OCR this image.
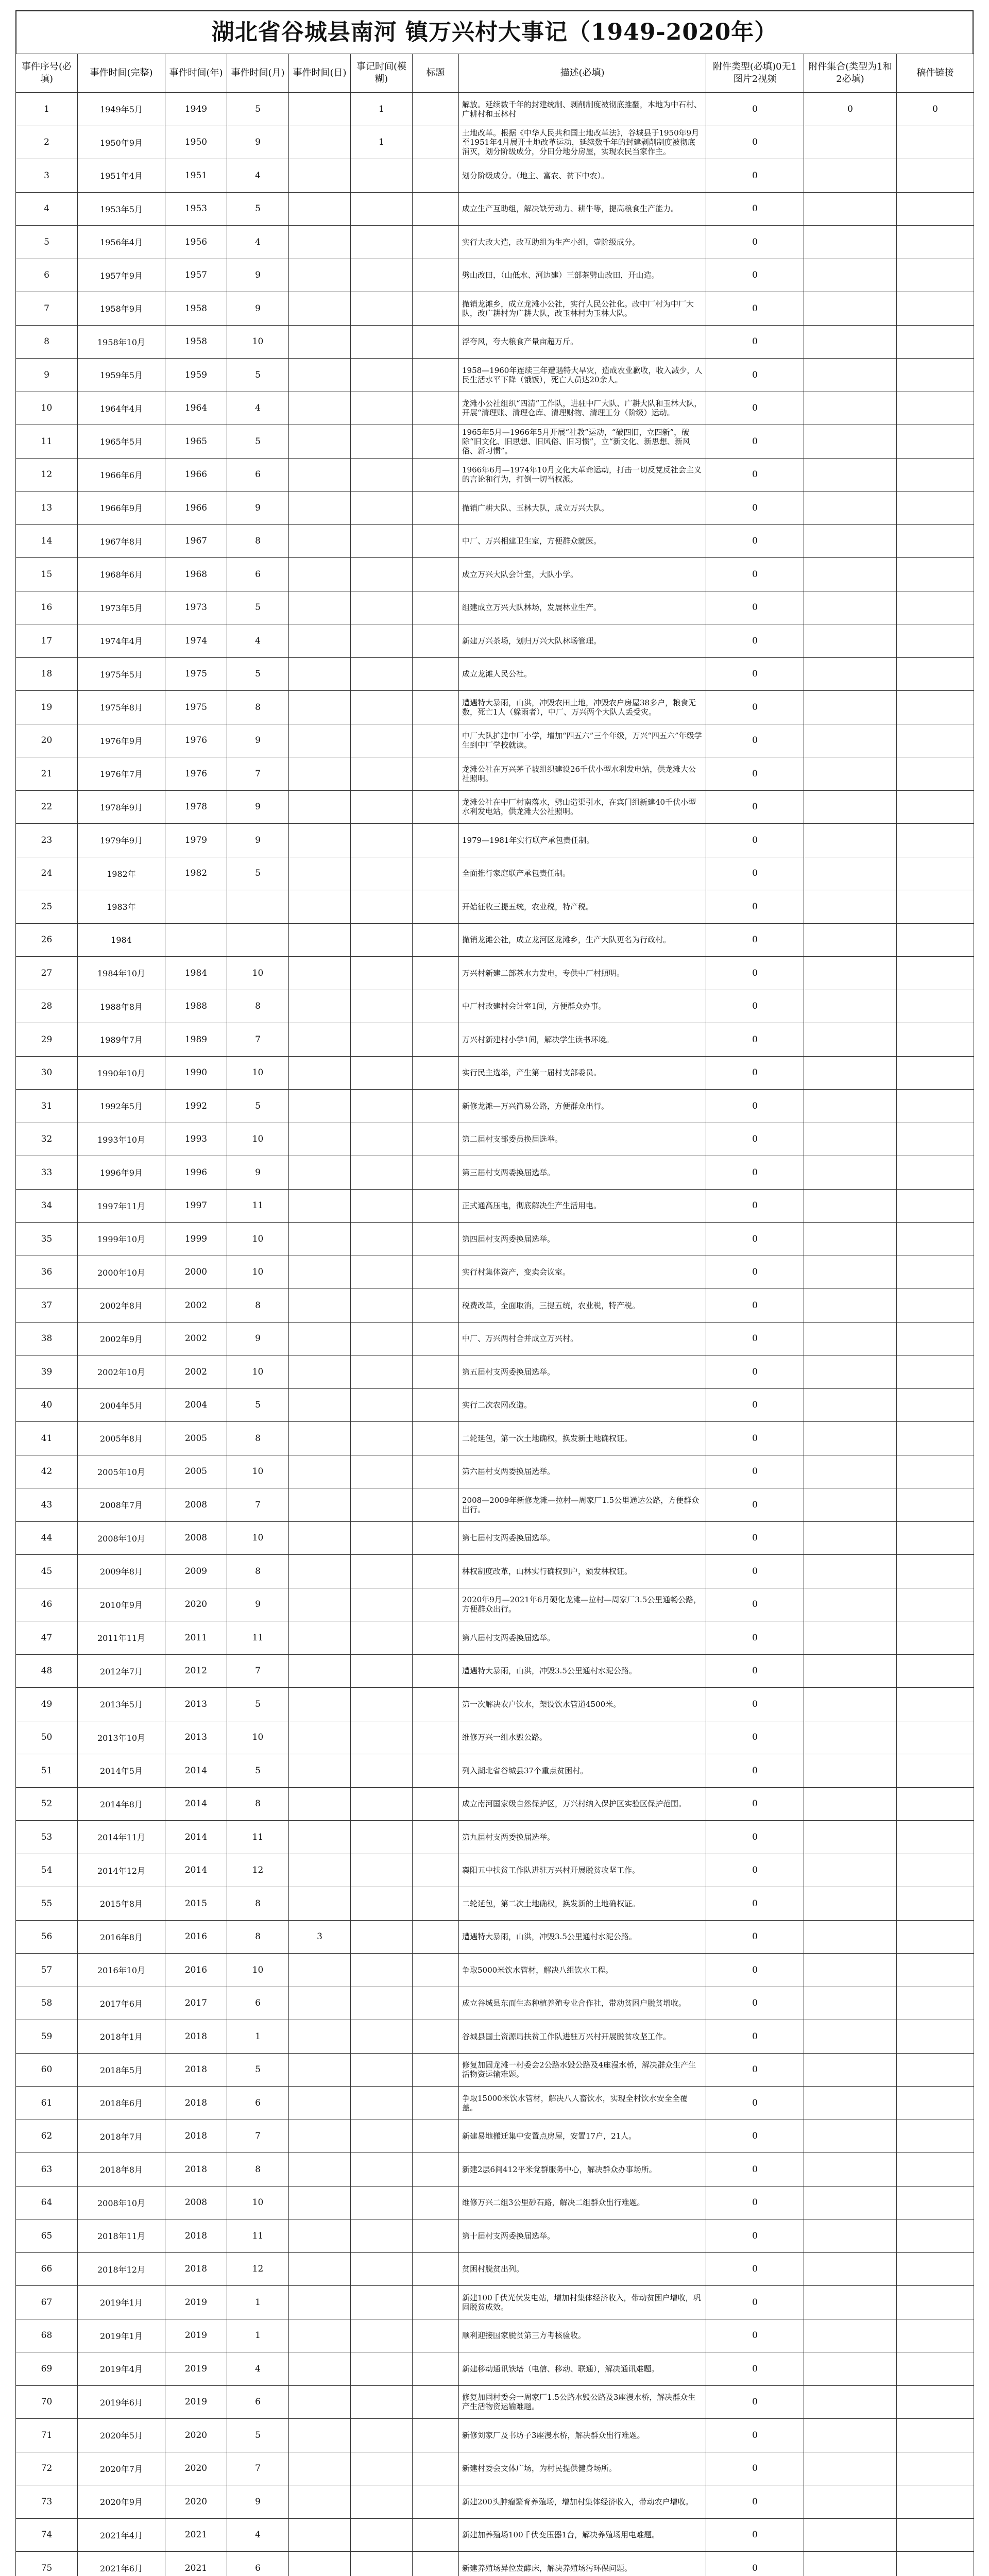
湖北省谷城县南河 镇万兴村大事记（1949-2020年）
事件序号(必填)	事件时间(完整)	事件时间(年)	事件时间(月)	事件时间(日)	事记时间(模糊)	标题	描述(必填)	附件类型(必填)0无1图片2视频	附件集合(类型为1和2必填)	稿件链接
1	1949年5月	1949	5		1		解放。延续数千年的封建统制、剥削制度被彻底推翻，本地为中石村、广耕村和玉林村	0	0	0
2	1950年9月	1950	9		1		土地改革。根据《中华人民共和国土地改革法》，谷城县于1950年9月至1951年4月展开土地改革运动，延续数千年的封建剥削制度被彻底消灭，划分阶级成分，分田分地分房屋，实现农民当家作主。	0		
3	1951年4月	1951	4				划分阶级成分。（地主、富农、贫下中农）。	0		
4	1953年5月	1953	5				成立生产互助组，解决缺劳动力、耕牛等，提高粮食生产能力。	0		
5	1956年4月	1956	4				实行大改大造，改互助组为生产小组，壹阶级成分。	0		
6	1957年9月	1957	9				劈山改田，（山低水、河边建）三部茶劈山改田，开山造。	0		
7	1958年9月	1958	9				撤销龙滩乡，成立龙滩小公社，实行人民公社化。改中厂村为中厂大队，改广耕村为广耕大队，改玉林村为玉林大队。	0		
8	1958年10月	1958	10				浮夸风，夸大粮食产量亩超万斤。	0		
9	1959年5月	1959	5				1958—1960年连续三年遭遇特大旱灾，造成农业歉收，收入减少，人民生活水平下降（饿饭），死亡人员达20余人。	0		
10	1964年4月	1964	4				龙滩小公社组织“四清”工作队，进驻中厂大队、广耕大队和玉林大队，开展“清理账、清理仓库、清理财物、清理工分（阶级）运动。	0		
11	1965年5月	1965	5				1965年5月—1966年5月开展“社教”运动，“破四旧，立四新”，破除“旧文化、旧思想、旧风俗、旧习惯”，立“新文化、新思想、新风俗、新习惯”。	0		
12	1966年6月	1966	6				1966年6月—1974年10月文化大革命运动，打击一切反党反社会主义的言论和行为，打倒一切当权派。	0		
13	1966年9月	1966	9				撤销广耕大队、玉林大队，成立万兴大队。	0		
14	1967年8月	1967	8				中厂、万兴相建卫生室，方便群众就医。	0		
15	1968年6月	1968	6				成立万兴大队会计室，大队小学。	0		
16	1973年5月	1973	5				组建成立万兴大队林场，发展林业生产。	0		
17	1974年4月	1974	4				新建万兴茶场，划归万兴大队林场管理。	0		
18	1975年5月	1975	5				成立龙滩人民公社。	0		
19	1975年8月	1975	8				遭遇特大暴雨，山洪，冲毁农田土地，冲毁农户房屋38多户，粮食无数，死亡1人（躲雨者），中厂、万兴两个大队人丢受灾。	0		
20	1976年9月	1976	9				中厂大队扩建中厂小学，增加“四五六”三个年级，万兴“四五六”年级学生到中厂学校就读。	0		
21	1976年7月	1976	7				龙滩公社在万兴茅子坡组织建设26千伏小型水利发电站，供龙滩大公社照明。	0		
22	1978年9月	1978	9				龙滩公社在中厂村南落水，劈山造渠引水，在宾门组新建40千伏小型水利发电站，供龙滩大公社照明。	0		
23	1979年9月	1979	9				1979—1981年实行联产承包责任制。	0		
24	1982年	1982	5				全面推行家庭联产承包责任制。	0		
25	1983年						开始征收三提五统，农业税，特产税。	0		
26	1984						撤销龙滩公社，成立龙河区龙滩乡，生产大队更名为行政村。	0		
27	1984年10月	1984	10				万兴村新建二部茶水力发电，专供中厂村照明。	0		
28	1988年8月	1988	8				中厂村改建村会计室1间，方便群众办事。	0		
29	1989年7月	1989	7				万兴村新建村小学1间，解决学生读书环境。	0		
30	1990年10月	1990	10				实行民主选举，产生第一届村支部委员。	0		
31	1992年5月	1992	5				新修龙滩—万兴简易公路，方便群众出行。	0		
32	1993年10月	1993	10				第二届村支部委员换届选举。	0		
33	1996年9月	1996	9				第三届村支两委换届选举。	0		
34	1997年11月	1997	11				正式通高压电，彻底解决生产生活用电。	0		
35	1999年10月	1999	10				第四届村支两委换届选举。	0		
36	2000年10月	2000	10				实行村集体资产，变卖会议室。	0		
37	2002年8月	2002	8				税费改革，全面取消，三提五统，农业税，特产税。	0		
38	2002年9月	2002	9				中厂、万兴两村合并成立万兴村。	0		
39	2002年10月	2002	10				第五届村支两委换届选举。	0		
40	2004年5月	2004	5				实行二次农网改造。	0		
41	2005年8月	2005	8				二轮延包，第一次土地确权，换发新土地确权证。	0		
42	2005年10月	2005	10				第六届村支两委换届选举。	0		
43	2008年7月	2008	7				2008—2009年新修龙滩—拉村—周家厂1.5公里通达公路，方便群众出行。	0		
44	2008年10月	2008	10				第七届村支两委换届选举。	0		
45	2009年8月	2009	8				林权制度改革，山林实行确权到户，颁发林权证。	0		
46	2010年9月	2020	9				2020年9月—2021年6月硬化龙滩—拉村—周家厂3.5公里通畅公路，方便群众出行。	0		
47	2011年11月	2011	11				第八届村支两委换届选举。	0		
48	2012年7月	2012	7				遭遇特大暴雨，山洪，冲毁3.5公里通村水泥公路。	0		
49	2013年5月	2013	5				第一次解决农户饮水，架设饮水管道4500米。	0		
50	2013年10月	2013	10				维修万兴一组水毁公路。	0		
51	2014年5月	2014	5				列入湖北省谷城县37个重点贫困村。	0		
52	2014年8月	2014	8				成立南河国家级自然保护区，万兴村纳入保护区实验区保护范围。	0		
53	2014年11月	2014	11				第九届村支两委换届选举。	0		
54	2014年12月	2014	12				襄阳五中扶贫工作队进驻万兴村开展脱贫攻坚工作。	0		
55	2015年8月	2015	8				二轮延包，第二次土地确权，换发新的土地确权证。	0		
56	2016年8月	2016	8	3			遭遇特大暴雨，山洪，冲毁3.5公里通村水泥公路。	0		
57	2016年10月	2016	10				争取5000米饮水管材，解决八组饮水工程。	0		
58	2017年6月	2017	6				成立谷城县东而生态种植养殖专业合作社，带动贫困户脱贫增收。	0		
59	2018年1月	2018	1				谷城县国土资源局扶贫工作队进驻万兴村开展脱贫攻坚工作。	0		
60	2018年5月	2018	5				修复加固龙滩一村委会2公路水毁公路及4座漫水桥，解决群众生产生活物资运输难题。	0		
61	2018年6月	2018	6				争取15000米饮水管材，解决八人畜饮水，实现全村饮水安全全覆盖。	0		
62	2018年7月	2018	7				新建易地搬迁集中安置点房屋，安置17户，21人。	0		
63	2018年8月	2018	8				新建2层6间412平米党群服务中心，解决群众办事场所。	0		
64	2008年10月	2008	10				维修万兴二组3公里砂石路，解决二组群众出行难题。	0		
65	2018年11月	2018	11				第十届村支两委换届选举。	0		
66	2018年12月	2018	12				贫困村脱贫出列。	0		
67	2019年1月	2019	1				新建100千伏光伏发电站，增加村集体经济收入，带动贫困户增收，巩固脱贫成效。	0		
68	2019年1月	2019	1				顺利迎接国家脱贫第三方考核验收。	0		
69	2019年4月	2019	4				新建移动通讯铁塔（电信、移动、联通），解决通讯难题。	0		
70	2019年6月	2019	6				修复加固村委会一周家厂1.5公路水毁公路及3座漫水桥，解决群众生产生活物资运输难题。	0		
71	2020年5月	2020	5				新修刘家厂及书坊子3座漫水桥，解决群众出行难题。	0		
72	2020年7月	2020	7				新建村委会文体广场，为村民提供健身场所。	0		
73	2020年9月	2020	9				新建200头肿瘤繁育养殖场，增加村集体经济收入，带动农户增收。	0		
74	2021年4月	2021	4				新建加养殖场100千伏变压器1台，解决养殖场用电难题。	0		
75	2021年6月	2021	6				新建养殖场异位发酵床，解决养殖场污环保问题。	0		
